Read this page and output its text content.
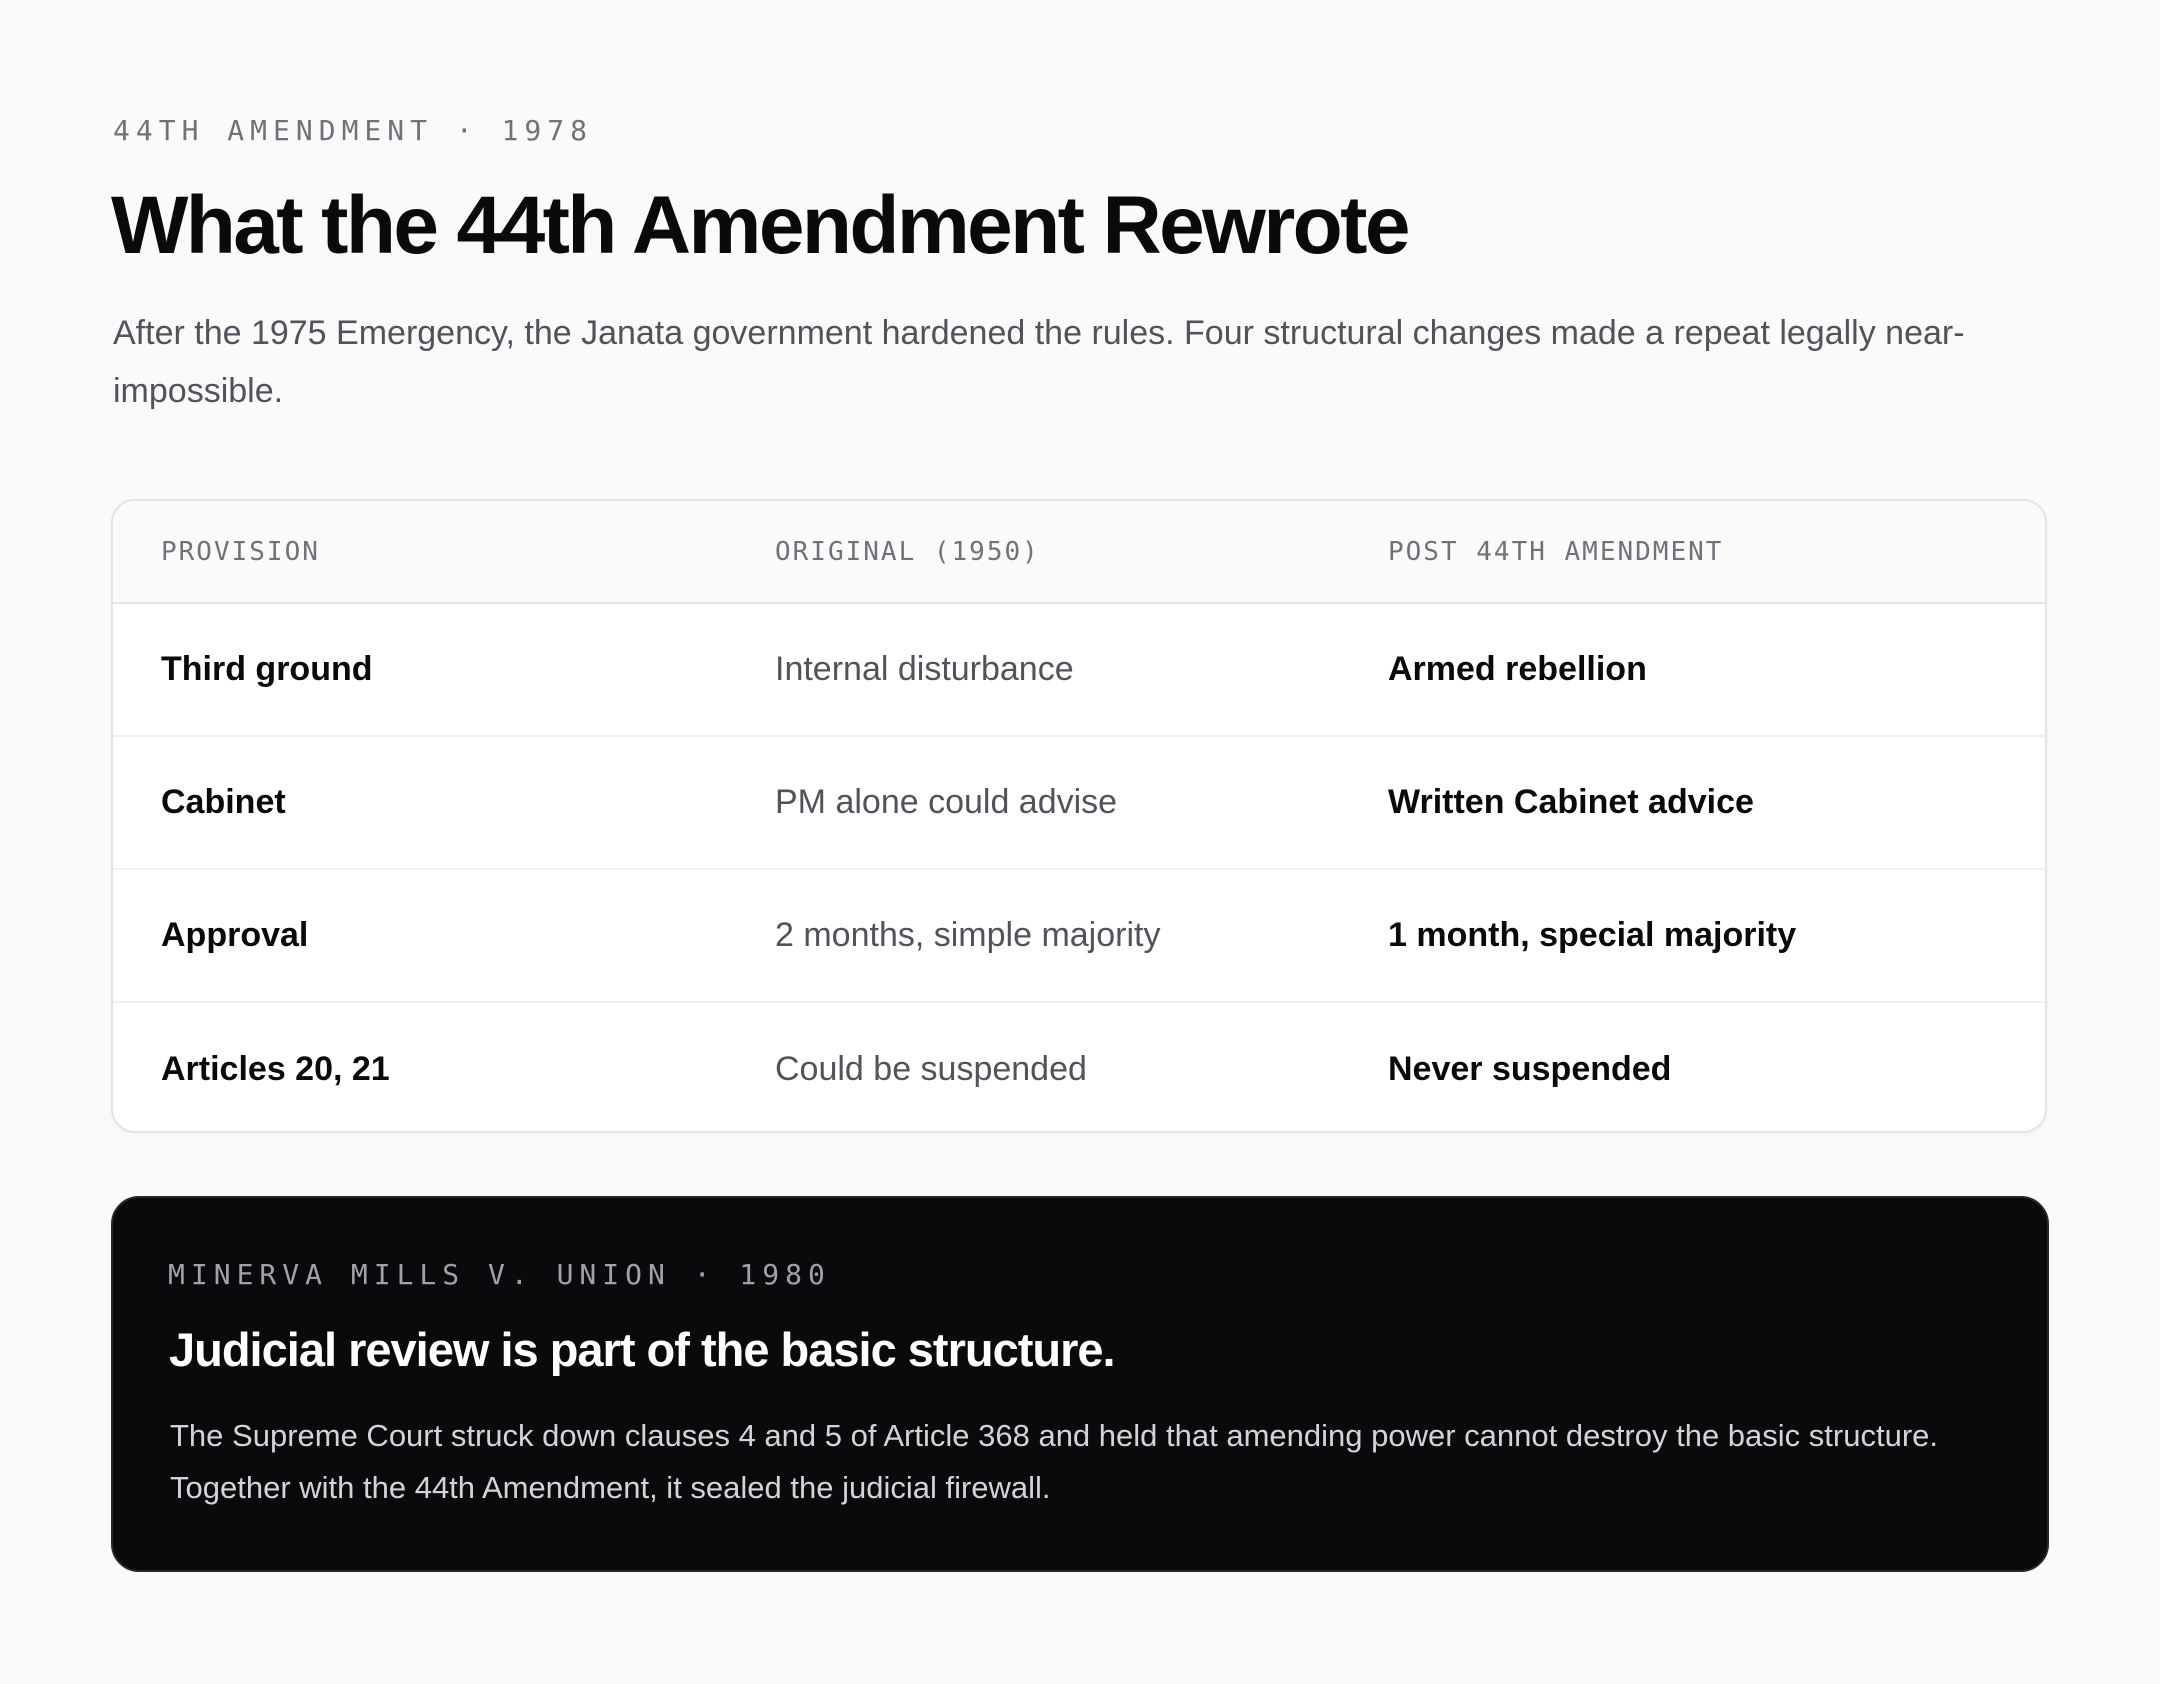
44TH AMENDMENT · 1978
What the 44th Amendment Rewrote

After the 1975 Emergency, the Janata government hardened the rules. Four structural changes made a repeat legally near-impossible.

PROVISION	ORIGINAL (1950)	POST 44TH AMENDMENT
Third ground	Internal disturbance	Armed rebellion
Cabinet	PM alone could advise	Written Cabinet advice
Approval	2 months, simple majority	1 month, special majority
Articles 20, 21	Could be suspended	Never suspended
MINERVA MILLS V. UNION · 1980
Judicial review is part of the basic structure.

The Supreme Court struck down clauses 4 and 5 of Article 368 and held that amending power cannot destroy the basic structure. Together with the 44th Amendment, it sealed the judicial firewall.
